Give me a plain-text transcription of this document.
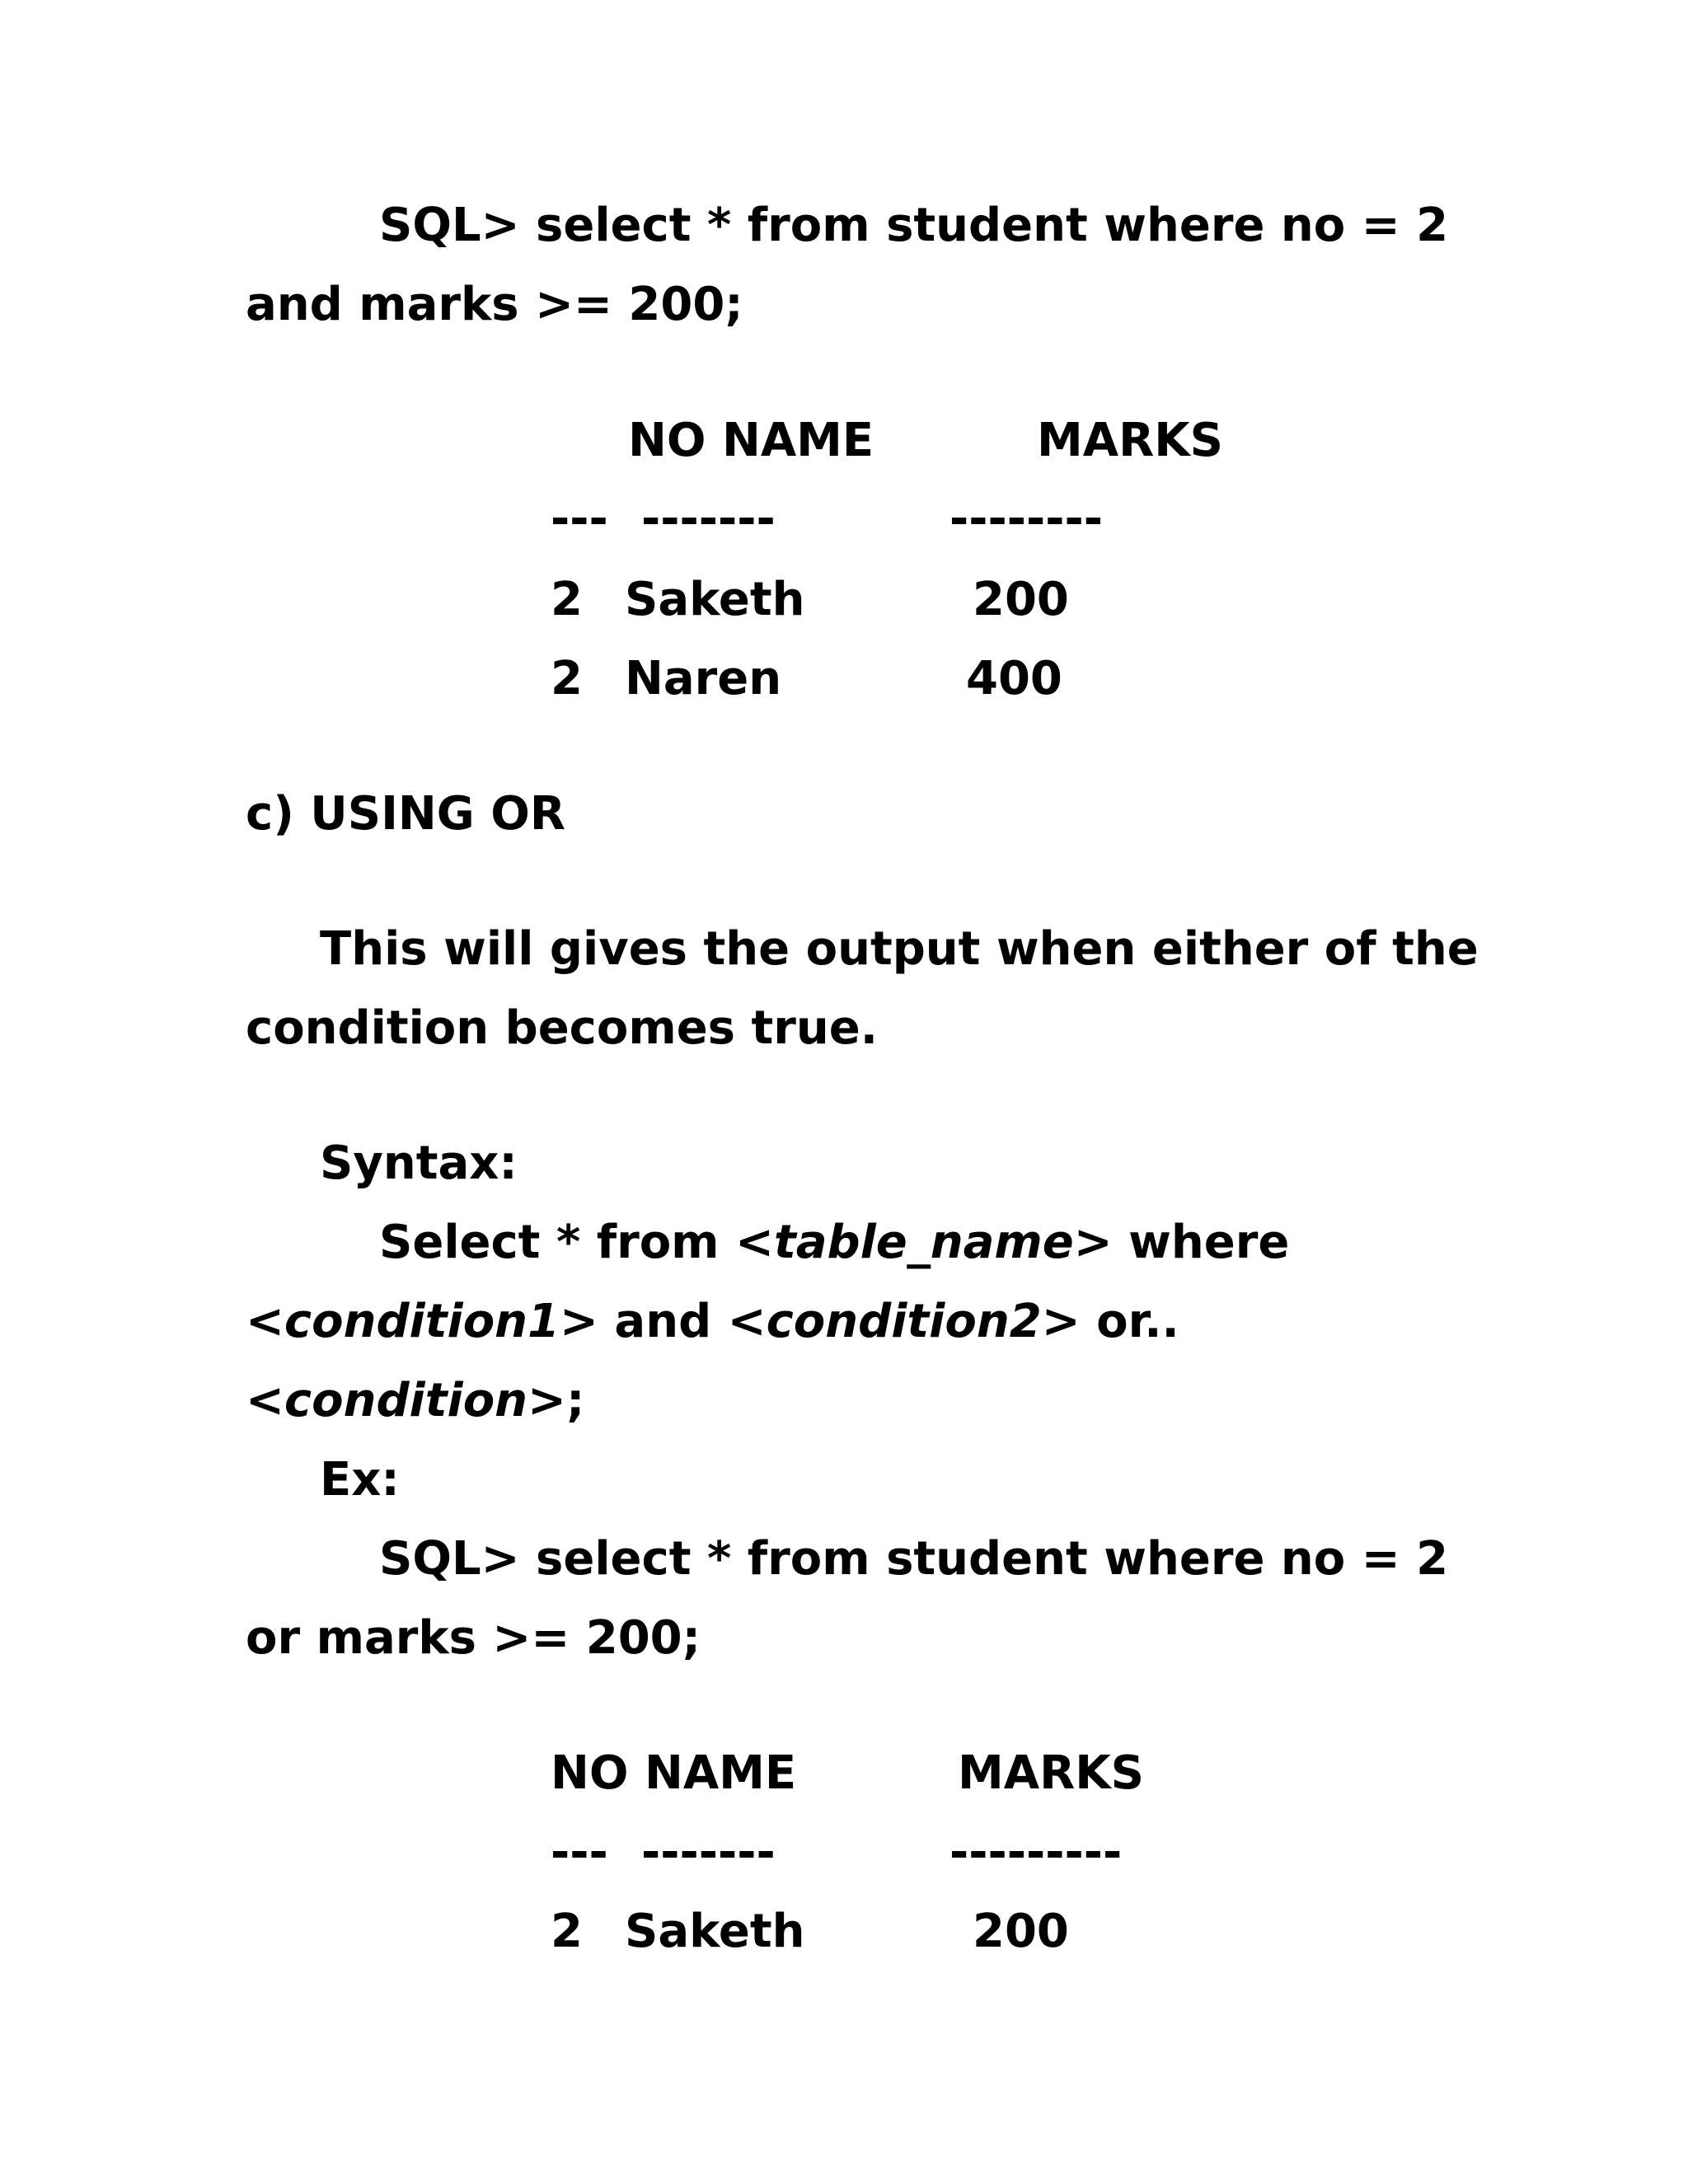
SQL> select * from student where no = 2
and marks >= 200;
NO NAME	MARKS
--- -------	--------
2 Saketh	200
2 Naren	400
c) USING OR
This will gives the output when either of the
condition becomes true.
Syntax:
Select * from <table_name> where
<condition1> and <condition2> or..
<condition>;
Ex:
SQL> select * from student where no = 2
or marks >= 200;
NO NAME	MARKS
--- -------	---------
2 Saketh	200
